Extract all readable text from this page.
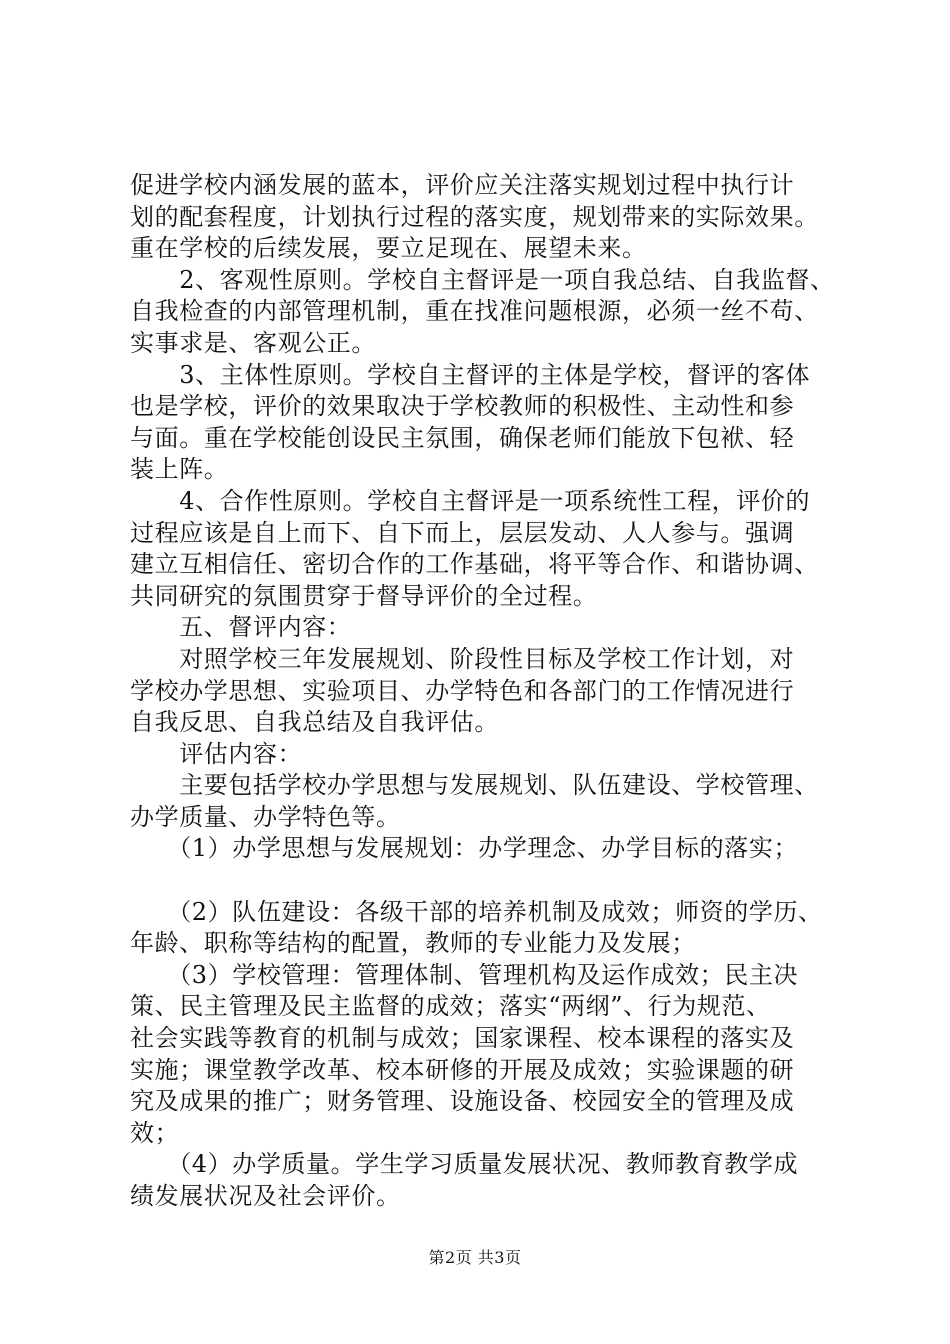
促进学校内涵发展的蓝本，评价应关注落实规划过程中执行计
划的配套程度，计划执行过程的落实度，规划带来的实际效果。
重在学校的后续发展，要立足现在、展望未来。
　　2、客观性原则。学校自主督评是一项自我总结、自我监督、
自我检查的内部管理机制，重在找准问题根源，必须一丝不苟、
实事求是、客观公正。
　　3、主体性原则。学校自主督评的主体是学校，督评的客体
也是学校，评价的效果取决于学校教师的积极性、主动性和参
与面。重在学校能创设民主氛围，确保老师们能放下包袱、轻
装上阵。
　　4、合作性原则。学校自主督评是一项系统性工程，评价的
过程应该是自上而下、自下而上，层层发动、人人参与。强调
建立互相信任、密切合作的工作基础，将平等合作、和谐协调、
共同研究的氛围贯穿于督导评价的全过程。
　　五、督评内容：
　　对照学校三年发展规划、阶段性目标及学校工作计划，对
学校办学思想、实验项目、办学特色和各部门的工作情况进行
自我反思、自我总结及自我评估。
　　评估内容：
　　主要包括学校办学思想与发展规划、队伍建设、学校管理、
办学质量、办学特色等。
　　（1）办学思想与发展规划：办学理念、办学目标的落实；
　　（2）队伍建设：各级干部的培养机制及成效；师资的学历、
年龄、职称等结构的配置，教师的专业能力及发展；
　　（3）学校管理：管理体制、管理机构及运作成效；民主决
策、民主管理及民主监督的成效；落实“两纲”、行为规范、
社会实践等教育的机制与成效；国家课程、校本课程的落实及
实施；课堂教学改革、校本研修的开展及成效；实验课题的研
究及成果的推广；财务管理、设施设备、校园安全的管理及成
效；
　　（4）办学质量。学生学习质量发展状况、教师教育教学成
绩发展状况及社会评价。
第2页 共3页
